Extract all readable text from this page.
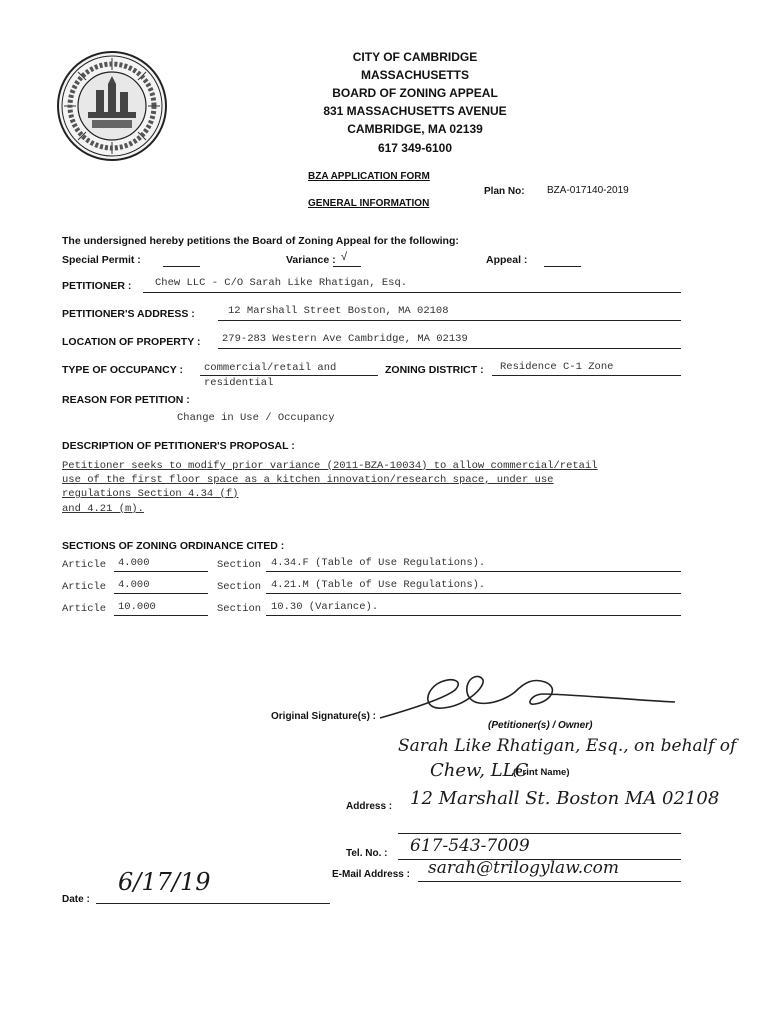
CITY OF CAMBRIDGE
MASSACHUSETTS
BOARD OF ZONING APPEAL
831 MASSACHUSETTS AVENUE
CAMBRIDGE, MA 02139
617 349-6100
BZA APPLICATION FORM
GENERAL INFORMATION
Plan No: BZA-017140-2019
The undersigned hereby petitions the Board of Zoning Appeal for the following:
Special Permit :	Variance : √	Appeal :
PETITIONER : Chew LLC - C/O Sarah Like Rhatigan, Esq.
PETITIONER'S ADDRESS :	12 Marshall Street Boston, MA 02108
LOCATION OF PROPERTY : 279-283 Western Ave Cambridge, MA 02139
TYPE OF OCCUPANCY : commercial/retail and
residential
ZONING DISTRICT : Residence C-1 Zone
REASON FOR PETITION :
Change in Use / Occupancy
DESCRIPTION OF PETITIONER'S PROPOSAL :
Petitioner seeks to modify prior variance (2011-BZA-10034) to allow commercial/retail
use of the first floor space as a kitchen innovation/research space, under use
regulations Section 4.34 (f)
and 4.21 (m).
SECTIONS OF ZONING ORDINANCE CITED :
Article 4.000	Section 4.34.F (Table of Use Regulations).
Article 4.000	Section 4.21.M (Table of Use Regulations).
Article 10.000	Section 10.30 (Variance).
Original Signature(s) :
(Petitioner(s) / Owner)
Sarah Like Rhatigan, Esq., on behalf of
Chew, LLC
(Print Name)
Address : 12 Marshall St. Boston MA 02108
Tel. No. : 617-543-7009
E-Mail Address : sarah@trilogylaw.com
Date :
6/17/19
